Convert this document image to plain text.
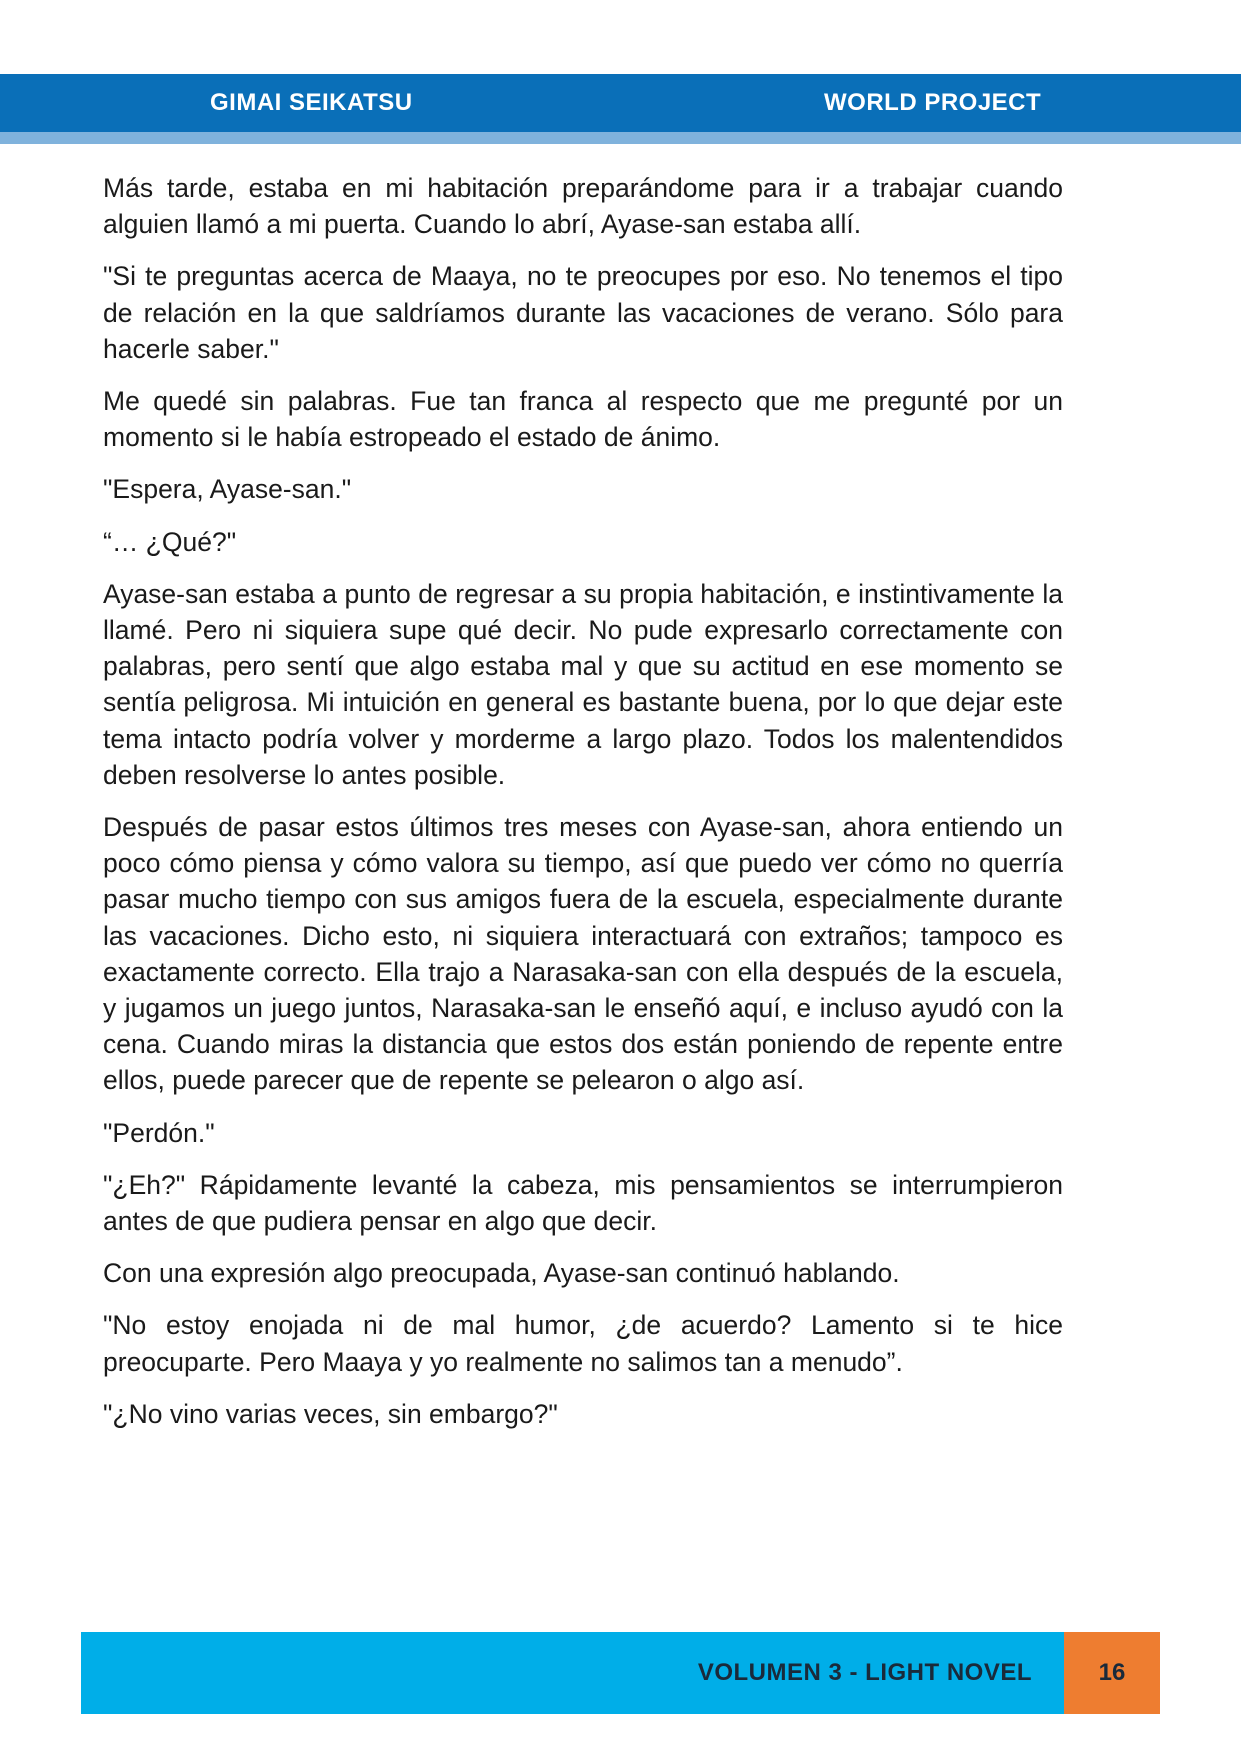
GIMAI SEIKATSU	WORLD PROJECT

Más tarde, estaba en mi habitación preparándome para ir a trabajar cuando alguien llamó a mi puerta. Cuando lo abrí, Ayase-san estaba allí.

"Si te preguntas acerca de Maaya, no te preocupes por eso. No tenemos el tipo de relación en la que saldríamos durante las vacaciones de verano. Sólo para hacerle saber."

Me quedé sin palabras. Fue tan franca al respecto que me pregunté por un momento si le había estropeado el estado de ánimo.

"Espera, Ayase-san."

“… ¿Qué?"

Ayase-san estaba a punto de regresar a su propia habitación, e instintivamente la llamé. Pero ni siquiera supe qué decir. No pude expresarlo correctamente con palabras, pero sentí que algo estaba mal y que su actitud en ese momento se sentía peligrosa. Mi intuición en general es bastante buena, por lo que dejar este tema intacto podría volver y morderme a largo plazo. Todos los malentendidos deben resolverse lo antes posible.

Después de pasar estos últimos tres meses con Ayase-san, ahora entiendo un poco cómo piensa y cómo valora su tiempo, así que puedo ver cómo no querría pasar mucho tiempo con sus amigos fuera de la escuela, especialmente durante las vacaciones. Dicho esto, ni siquiera interactuará con extraños; tampoco es exactamente correcto. Ella trajo a Narasaka-san con ella después de la escuela, y jugamos un juego juntos, Narasaka-san le enseñó aquí, e incluso ayudó con la cena. Cuando miras la distancia que estos dos están poniendo de repente entre ellos, puede parecer que de repente se pelearon o algo así.

"Perdón."

"¿Eh?" Rápidamente levanté la cabeza, mis pensamientos se interrumpieron antes de que pudiera pensar en algo que decir.

Con una expresión algo preocupada, Ayase-san continuó hablando.

"No estoy enojada ni de mal humor, ¿de acuerdo? Lamento si te hice preocuparte. Pero Maaya y yo realmente no salimos tan a menudo”.

"¿No vino varias veces, sin embargo?"

VOLUMEN 3 - LIGHT NOVEL	16
